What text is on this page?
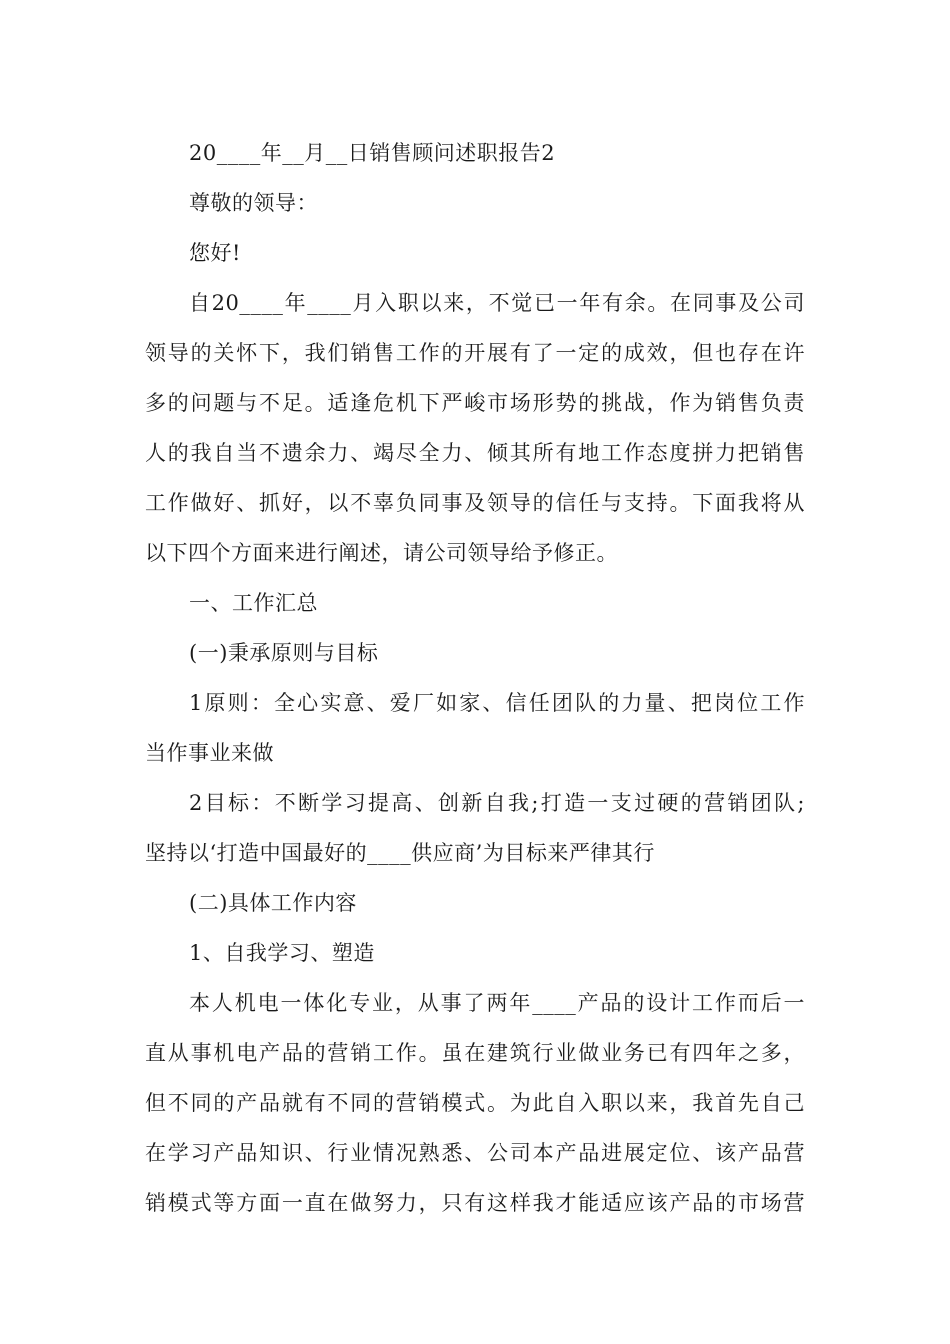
20____年__月__日销售顾问述职报告2
尊敬的领导：
您好!
自20____年____月入职以来，不觉已一年有余。在同事及公司
领导的关怀下，我们销售工作的开展有了一定的成效，但也存在许
多的问题与不足。适逢危机下严峻市场形势的挑战，作为销售负责
人的我自当不遗余力、竭尽全力、倾其所有地工作态度拼力把销售
工作做好、抓好，以不辜负同事及领导的信任与支持。下面我将从
以下四个方面来进行阐述，请公司领导给予修正。
一、工作汇总
(一)秉承原则与目标
1原则：全心实意、爱厂如家、信任团队的力量、把岗位工作
当作事业来做
2目标：不断学习提高、创新自我;打造一支过硬的营销团队;
坚持以‘打造中国最好的____供应商’为目标来严律其行
(二)具体工作内容
1、自我学习、塑造
本人机电一体化专业，从事了两年____产品的设计工作而后一
直从事机电产品的营销工作。虽在建筑行业做业务已有四年之多，
但不同的产品就有不同的营销模式。为此自入职以来，我首先自己
在学习产品知识、行业情况熟悉、公司本产品进展定位、该产品营
销模式等方面一直在做努力，只有这样我才能适应该产品的市场营
